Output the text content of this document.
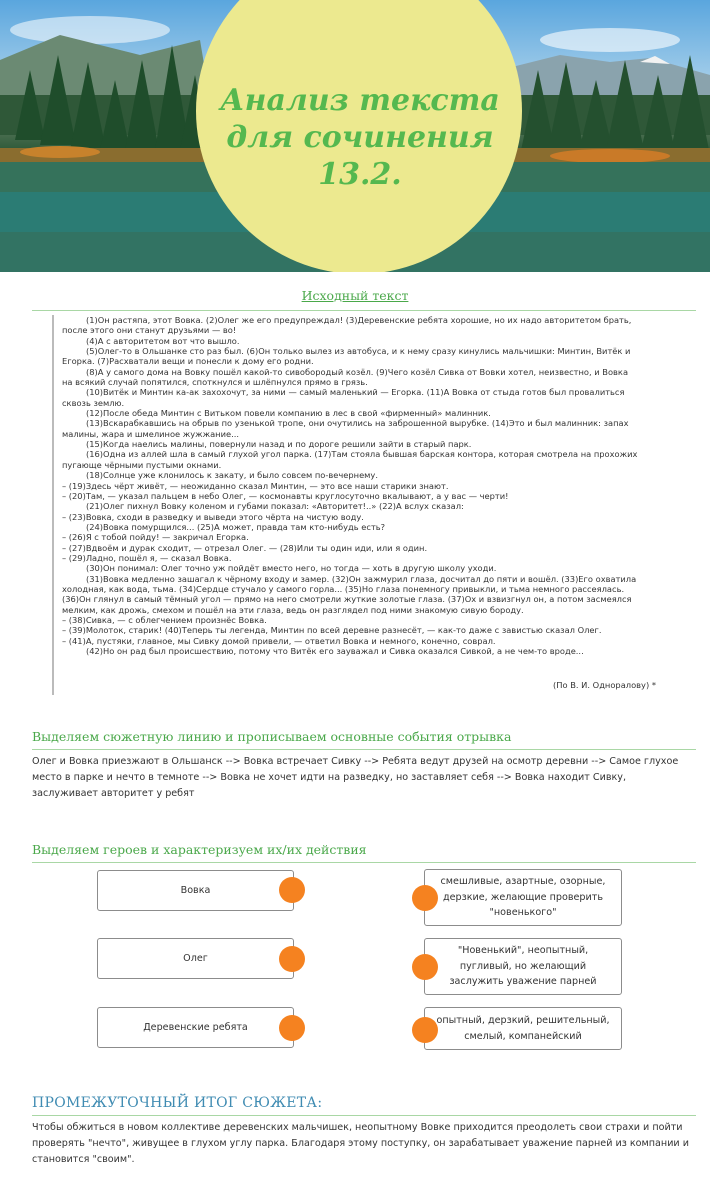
Анализ текста
для сочинения
13.2.
Исходный текст
(1)Он растяпа, этот Вовка. (2)Олег же его предупреждал! (3)Деревенские ребята хорошие, но их надо авторитетом брать,
после этого они станут друзьями — во!
(4)А с авторитетом вот что вышло.
(5)Олег-то в Ольшанке сто раз был. (6)Он только вылез из автобуса, и к нему сразу кинулись мальчишки: Минтин, Витёк и
Егорка. (7)Расхватали вещи и понесли к дому его родни.
(8)А у самого дома на Вовку пошёл какой-то сивобородый козёл. (9)Чего козёл Сивка от Вовки хотел, неизвестно, и Вовка
на всякий случай попятился, споткнулся и шлёпнулся прямо в грязь.
(10)Витёк и Минтин ка-ак захохочут, за ними — самый маленький — Егорка. (11)А Вовка от стыда готов был провалиться
сквозь землю.
(12)После обеда Минтин с Витьком повели компанию в лес в свой «фирменный» малинник.
(13)Вскарабкавшись на обрыв по узенькой тропе, они очутились на заброшенной вырубке. (14)Это и был малинник: запах
малины, жара и шмелиное жужжание...
(15)Когда наелись малины, повернули назад и по дороге решили зайти в старый парк.
(16)Одна из аллей шла в самый глухой угол парка. (17)Там стояла бывшая барская контора, которая смотрела на прохожих
пугающе чёрными пустыми окнами.
(18)Солнце уже клонилось к закату, и было совсем по-вечернему.
– (19)Здесь чёрт живёт, — неожиданно сказал Минтин, — это все наши старики знают.
– (20)Там, — указал пальцем в небо Олег, — космонавты круглосуточно вкалывают, а у вас — черти!
(21)Олег пихнул Вовку коленом и губами показал: «Авторитет!..» (22)А вслух сказал:
– (23)Вовка, сходи в разведку и выведи этого чёрта на чистую воду.
(24)Вовка помурщился... (25)А может, правда там кто-нибудь есть?
– (26)Я с тобой пойду! — закричал Егорка.
– (27)Вдвоём и дурак сходит, — отрезал Олег. — (28)Или ты один иди, или я один.
– (29)Ладно, пошёл я, — сказал Вовка.
(30)Он понимал: Олег точно уж пойдёт вместо него, но тогда — хоть в другую школу уходи.
(31)Вовка медленно зашагал к чёрному входу и замер. (32)Он зажмурил глаза, досчитал до пяти и вошёл. (33)Его охватила
холодная, как вода, тьма. (34)Сердце стучало у самого горла... (35)Но глаза понемногу привыкли, и тьма немного рассеялась.
(36)Он глянул в самый тёмный угол — прямо на него смотрели жуткие золотые глаза. (37)Ох и взвизгнул он, а потом засмеялся
мелким, как дрожь, смехом и пошёл на эти глаза, ведь он разглядел под ними знакомую сивую бороду.
– (38)Сивка, — с облегчением произнёс Вовка.
– (39)Молоток, старик! (40)Теперь ты легенда, Минтин по всей деревне разнесёт, — как-то даже с завистью сказал Олег.
– (41)А, пустяки, главное, мы Сивку домой привели, — ответил Вовка и немного, конечно, соврал.
(42)Но он рад был происшествию, потому что Витёк его зауважал и Сивка оказался Сивкой, а не чем-то вроде...
(По В. И. Одноралову) *
Выделяем сюжетную линию и прописываем основные события отрывка
Олег и Вовка приезжают в Ольшанск --> Вовка встречает Сивку --> Ребята ведут друзей на осмотр деревни --> Самое глухое место в парке и нечто в темноте --> Вовка не хочет идти на разведку, но заставляет себя --> Вовка находит Сивку, заслуживает авторитет у ребят
Выделяем героев и характеризуем их/их действия
Вовка
Олег
Деревенские ребята
смешливые, азартные, озорные, дерзкие, желающие проверить "новенького"
"Новенький", неопытный, пугливый, но желающий заслужить уважение парней
опытный, дерзкий, решительный, смелый, компанейский
ПРОМЕЖУТОЧНЫЙ ИТОГ СЮЖЕТА:
Чтобы обжиться в новом коллективе деревенских мальчишек, неопытному Вовке приходится преодолеть свои страхи и пойти проверять "нечто", живущее в глухом углу парка. Благодаря этому поступку, он зарабатывает уважение парней из компании и становится "своим".
